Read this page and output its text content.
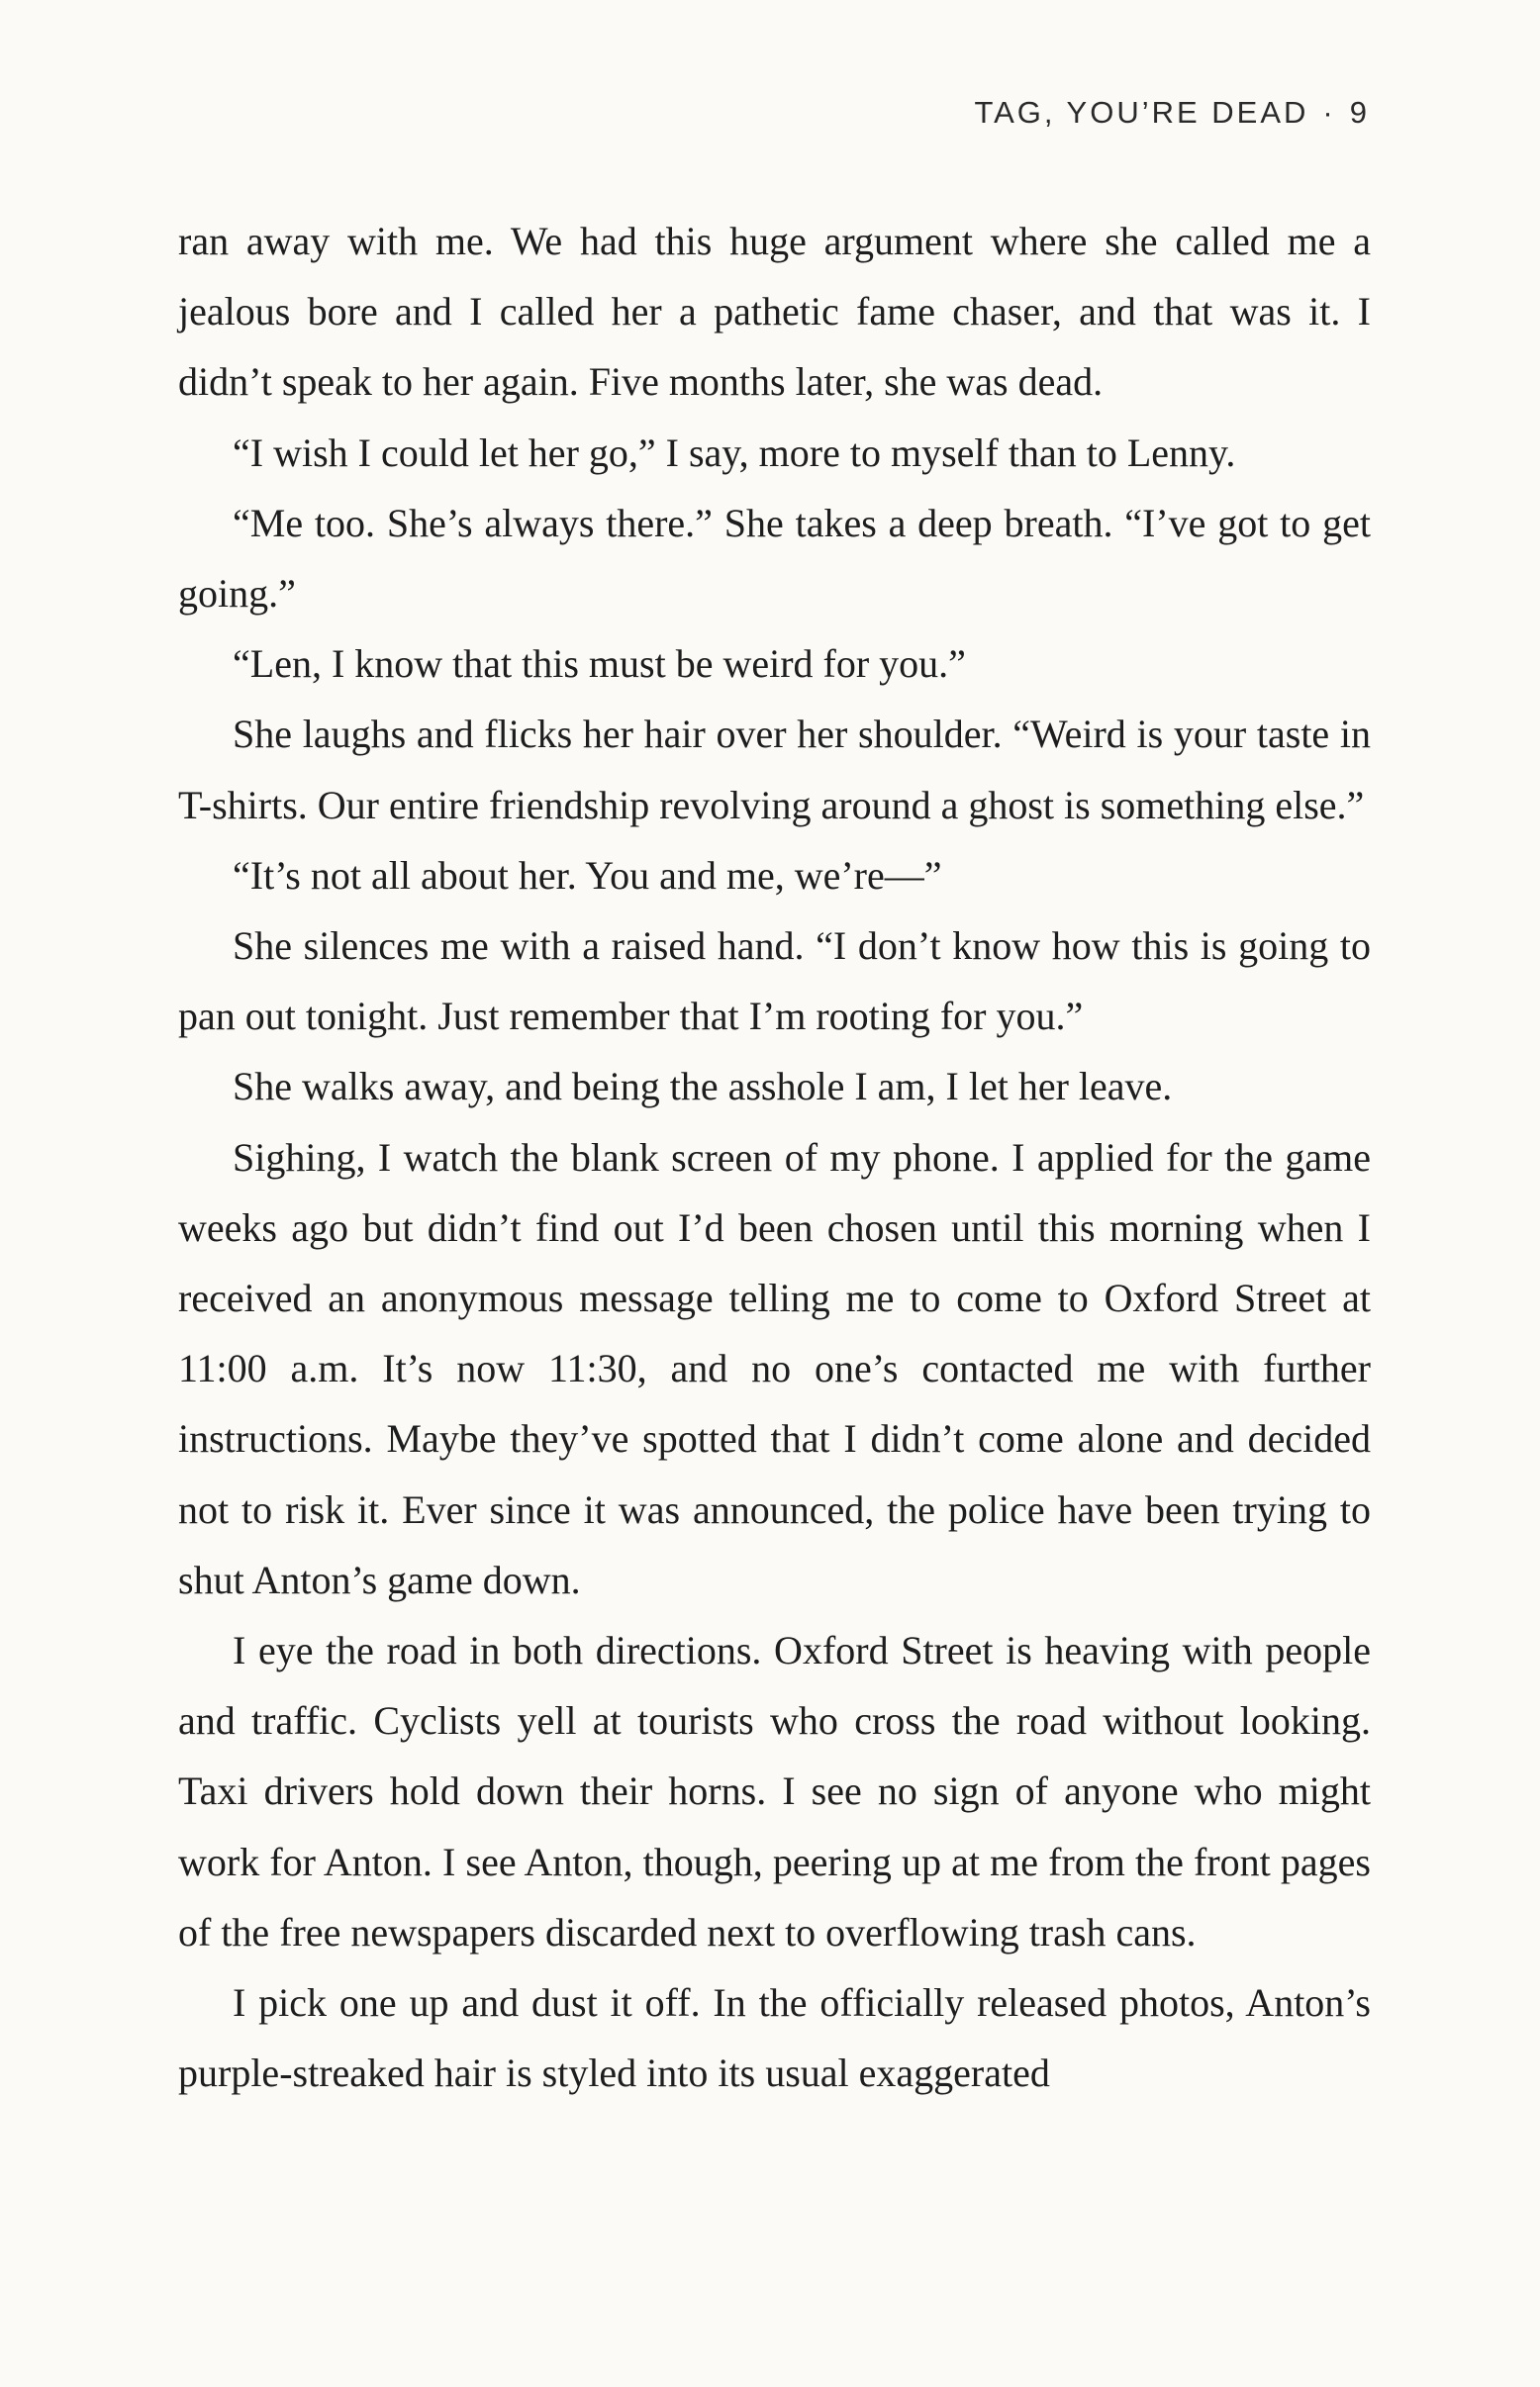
TAG, YOU’RE DEAD · 9

ran away with me. We had this huge argument where she called me a jealous bore and I called her a pathetic fame chaser, and that was it. I didn’t speak to her again. Five months later, she was dead.

“I wish I could let her go,” I say, more to myself than to Lenny.

“Me too. She’s always there.” She takes a deep breath. “I’ve got to get going.”

“Len, I know that this must be weird for you.”

She laughs and flicks her hair over her shoulder. “Weird is your taste in T-shirts. Our entire friendship revolving around a ghost is something else.”

“It’s not all about her. You and me, we’re—”

She silences me with a raised hand. “I don’t know how this is going to pan out tonight. Just remember that I’m rooting for you.”

She walks away, and being the asshole I am, I let her leave.

Sighing, I watch the blank screen of my phone. I applied for the game weeks ago but didn’t find out I’d been chosen until this morning when I received an anonymous message telling me to come to Oxford Street at 11:00 a.m. It’s now 11:30, and no one’s contacted me with further instructions. Maybe they’ve spotted that I didn’t come alone and decided not to risk it. Ever since it was announced, the police have been trying to shut Anton’s game down.

I eye the road in both directions. Oxford Street is heaving with people and traffic. Cyclists yell at tourists who cross the road without looking. Taxi drivers hold down their horns. I see no sign of anyone who might work for Anton. I see Anton, though, peering up at me from the front pages of the free newspapers discarded next to overflowing trash cans.

I pick one up and dust it off. In the officially released photos, Anton’s purple-streaked hair is styled into its usual exaggerated
